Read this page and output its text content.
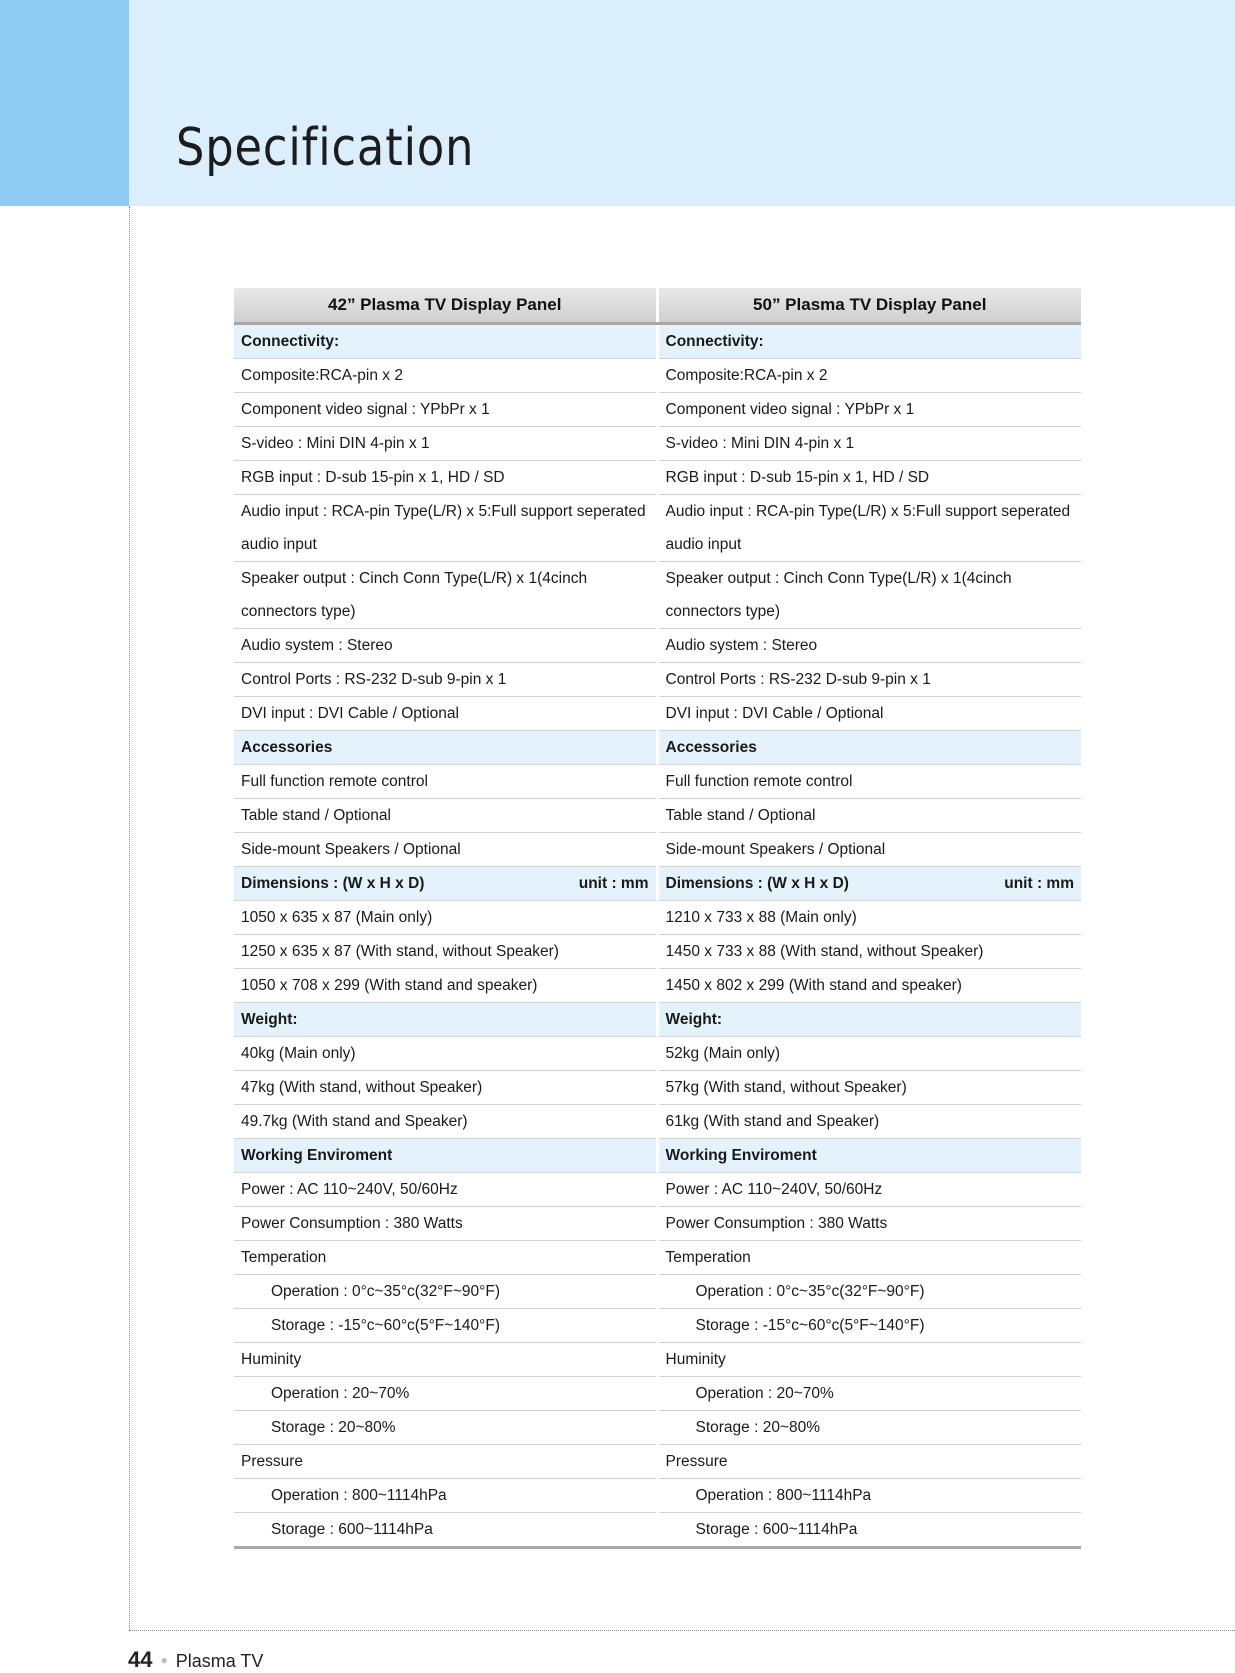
Specification
42” Plasma TV Display Panel	50” Plasma TV Display Panel
Connectivity:	Connectivity:
Composite:RCA-pin x 2	Composite:RCA-pin x 2
Component video signal : YPbPr x 1	Component video signal : YPbPr x 1
S-video : Mini DIN 4-pin x 1	S-video : Mini DIN 4-pin x 1
RGB input : D-sub 15-pin x 1, HD / SD	RGB input : D-sub 15-pin x 1, HD / SD
Audio input : RCA-pin Type(L/R) x 5:Full support seperated audio input	Audio input : RCA-pin Type(L/R) x 5:Full support seperated audio input
Speaker output : Cinch Conn Type(L/R) x 1(4cinch connectors type)	Speaker output : Cinch Conn Type(L/R) x 1(4cinch connectors type)
Audio system : Stereo	Audio system : Stereo
Control Ports : RS-232 D-sub 9-pin x 1	Control Ports : RS-232 D-sub 9-pin x 1
DVI input : DVI Cable / Optional	DVI input : DVI Cable / Optional
Accessories	Accessories
Full function remote control	Full function remote control
Table stand / Optional	Table stand / Optional
Side-mount Speakers / Optional	Side-mount Speakers / Optional
Dimensions : (W x H x D) unit : mm	Dimensions : (W x H x D) unit : mm

1050 x 635 x 87 (Main only)	1210 x 733 x 88 (Main only)
1250 x 635 x 87 (With stand, without Speaker)	1450 x 733 x 88 (With stand, without Speaker)
1050 x 708 x 299 (With stand and speaker)	1450 x 802 x 299 (With stand and speaker)
Weight:	Weight:
40kg (Main only)	52kg (Main only)
47kg (With stand, without Speaker)	57kg (With stand, without Speaker)
49.7kg (With stand and Speaker)	61kg (With stand and Speaker)
Working Enviroment	Working Enviroment
Power : AC 110~240V, 50/60Hz	Power : AC 110~240V, 50/60Hz
Power Consumption : 380 Watts	Power Consumption : 380 Watts
Temperation	Temperation
Operation : 0°c~35°c(32°F~90°F)	Operation : 0°c~35°c(32°F~90°F)
Storage : -15°c~60°c(5°F~140°F)	Storage : -15°c~60°c(5°F~140°F)
Huminity	Huminity
Operation : 20~70%	Operation : 20~70%
Storage : 20~80%	Storage : 20~80%
Pressure	Pressure
Operation : 800~1114hPa	Operation : 800~1114hPa
Storage : 600~1114hPa	Storage : 600~1114hPa
44 ● Plasma TV
